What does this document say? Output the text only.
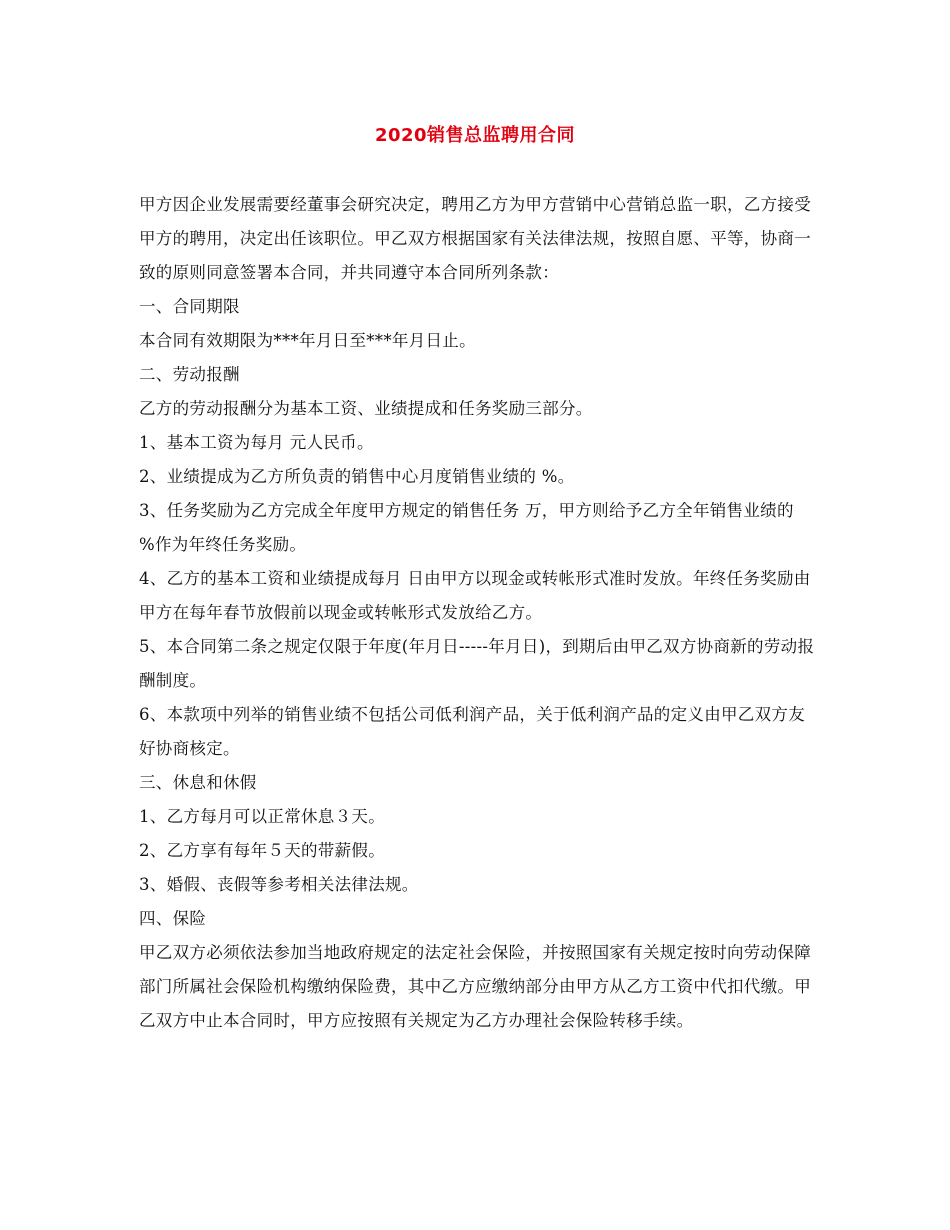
2020销售总监聘用合同

甲方因企业发展需要经董事会研究决定，聘用乙方为甲方营销中心营销总监一职，乙方接受甲方的聘用，决定出任该职位。甲乙双方根据国家有关法律法规，按照自愿、平等，协商一致的原则同意签署本合同，并共同遵守本合同所列条款：

一、合同期限

本合同有效期限为***年月日至***年月日止。

二、劳动报酬

乙方的劳动报酬分为基本工资、业绩提成和任务奖励三部分。

1、基本工资为每月 元人民币。

2、业绩提成为乙方所负责的销售中心月度销售业绩的 %。

3、任务奖励为乙方完成全年度甲方规定的销售任务 万，甲方则给予乙方全年销售业绩的 %作为年终任务奖励。

4、乙方的基本工资和业绩提成每月 日由甲方以现金或转帐形式准时发放。年终任务奖励由甲方在每年春节放假前以现金或转帐形式发放给乙方。

5、本合同第二条之规定仅限于年度(年月日-----年月日)，到期后由甲乙双方协商新的劳动报酬制度。

6、本款项中列举的销售业绩不包括公司低利润产品，关于低利润产品的定义由甲乙双方友好协商核定。

三、休息和休假

1、乙方每月可以正常休息３天。

2、乙方享有每年５天的带薪假。

3、婚假、丧假等参考相关法律法规。

四、保险

甲乙双方必须依法参加当地政府规定的法定社会保险，并按照国家有关规定按时向劳动保障部门所属社会保险机构缴纳保险费，其中乙方应缴纳部分由甲方从乙方工资中代扣代缴。甲乙双方中止本合同时，甲方应按照有关规定为乙方办理社会保险转移手续。
